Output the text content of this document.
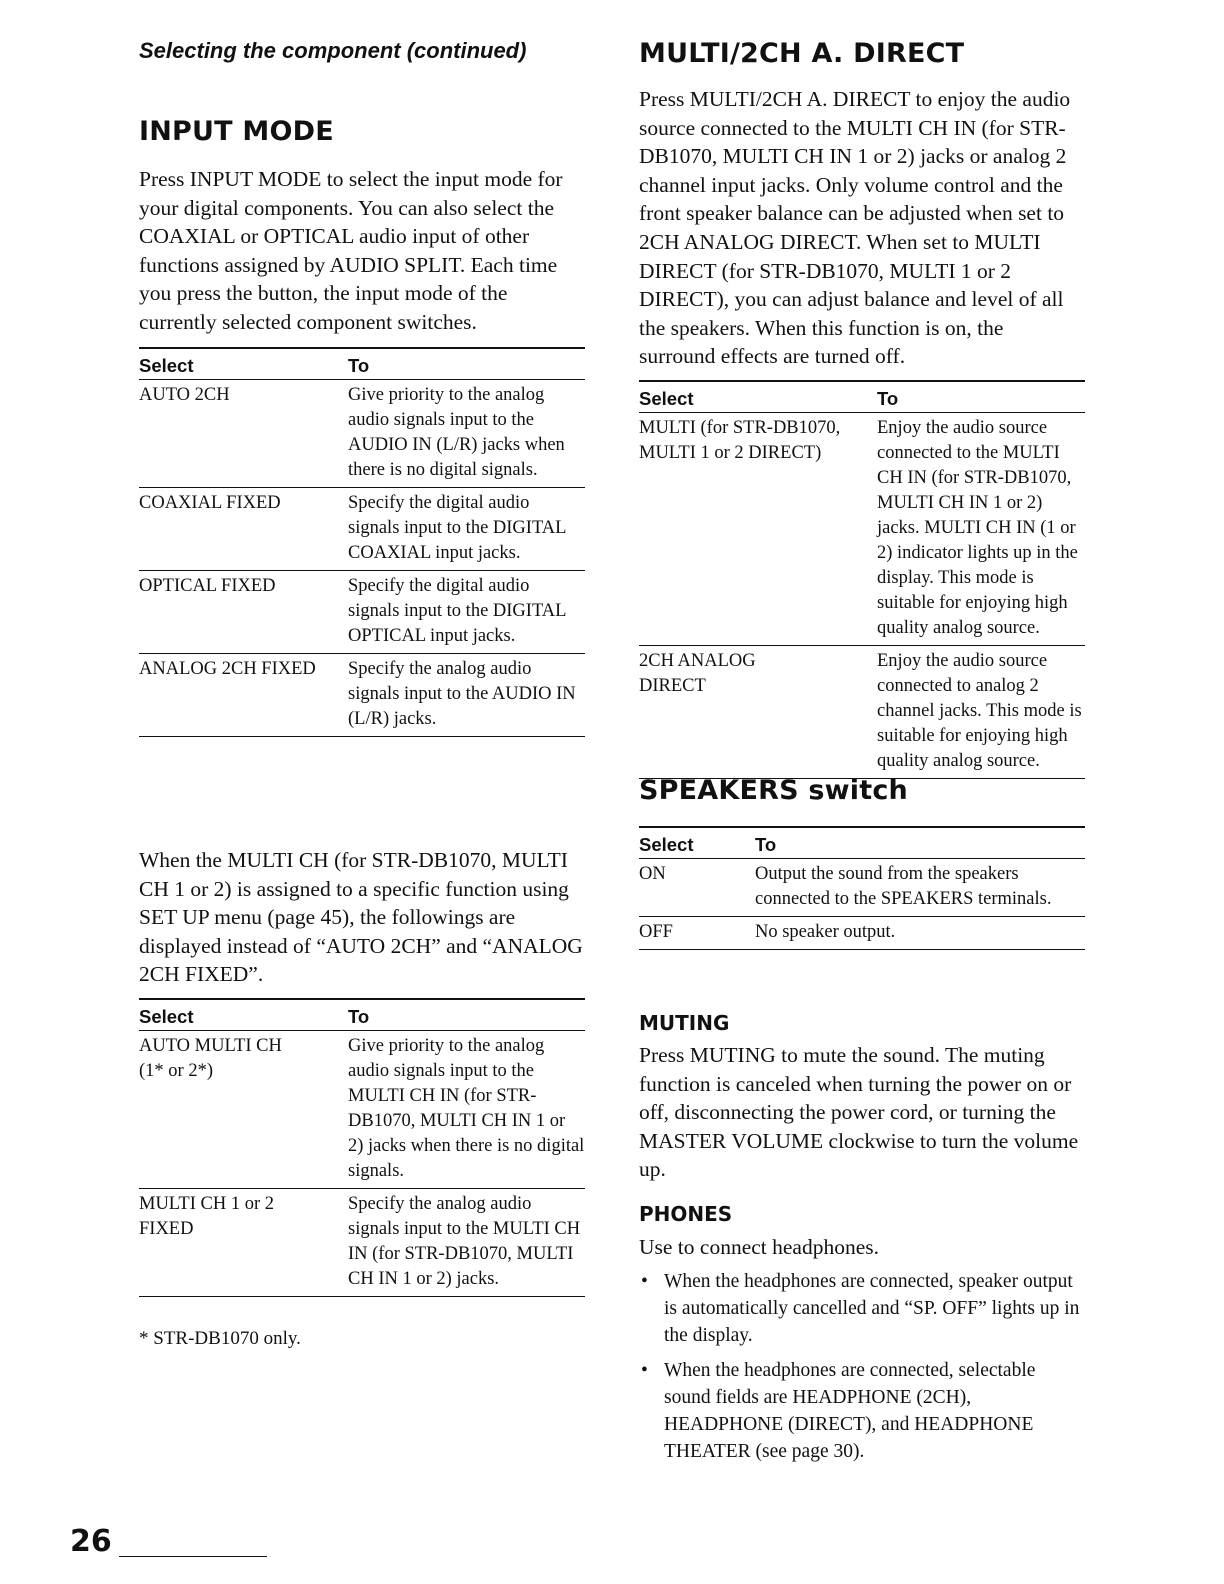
Selecting the component (continued)

INPUT MODE

Press INPUT MODE to select the input mode for your digital components. You can also select the COAXIAL or OPTICAL audio input of other functions assigned by AUDIO SPLIT. Each time you press the button, the input mode of the currently selected component switches.

Select	To
AUTO 2CH	Give priority to the analog audio signals input to the AUDIO IN (L/R) jacks when there is no digital signals.
COAXIAL FIXED	Specify the digital audio signals input to the DIGITAL COAXIAL input jacks.
OPTICAL FIXED	Specify the digital audio signals input to the DIGITAL OPTICAL input jacks.
ANALOG 2CH FIXED	Specify the analog audio signals input to the AUDIO IN (L/R) jacks.

When the MULTI CH (for STR-DB1070, MULTI CH 1 or 2) is assigned to a specific function using SET UP menu (page 45), the followings are displayed instead of “AUTO 2CH” and “ANALOG 2CH FIXED”.

Select	To

AUTO MULTI CH
(1* or 2*)	Give priority to the analog audio signals input to the MULTI CH IN (for STR-DB1070, MULTI CH IN 1 or 2) jacks when there is no digital signals.

MULTI CH 1 or 2 FIXED	Specify the analog audio signals input to the MULTI CH IN (for STR-DB1070, MULTI CH IN 1 or 2) jacks.

* STR-DB1070 only.

MULTI/2CH A. DIRECT

Press MULTI/2CH A. DIRECT to enjoy the audio source connected to the MULTI CH IN (for STR-DB1070, MULTI CH IN 1 or 2) jacks or analog 2 channel input jacks. Only volume control and the front speaker balance can be adjusted when set to 2CH ANALOG DIRECT. When set to MULTI DIRECT (for STR-DB1070, MULTI 1 or 2 DIRECT), you can adjust balance and level of all the speakers. When this function is on, the surround effects are turned off.

Select	To
MULTI (for STR-DB1070, MULTI 1 or 2 DIRECT)	Enjoy the audio source connected to the MULTI CH IN (for STR-DB1070, MULTI CH IN 1 or 2) jacks. MULTI CH IN (1 or 2) indicator lights up in the display. This mode is suitable for enjoying high quality analog source.
2CH ANALOG DIRECT	Enjoy the audio source connected to analog 2 channel jacks. This mode is suitable for enjoying high quality analog source.
SPEAKERS switch
Select	To
ON	Output the sound from the speakers connected to the SPEAKERS terminals.
OFF	No speaker output.
MUTING

Press MUTING to mute the sound. The muting function is canceled when turning the power on or off, disconnecting the power cord, or turning the MASTER VOLUME clockwise to turn the volume up.

PHONES

Use to connect headphones.

• When the headphones are connected, speaker output is automatically cancelled and “SP. OFF” lights up in the display.
• When the headphones are connected, selectable sound fields are HEADPHONE (2CH), HEADPHONE (DIRECT), and HEADPHONE THEATER (see page 30).
26
